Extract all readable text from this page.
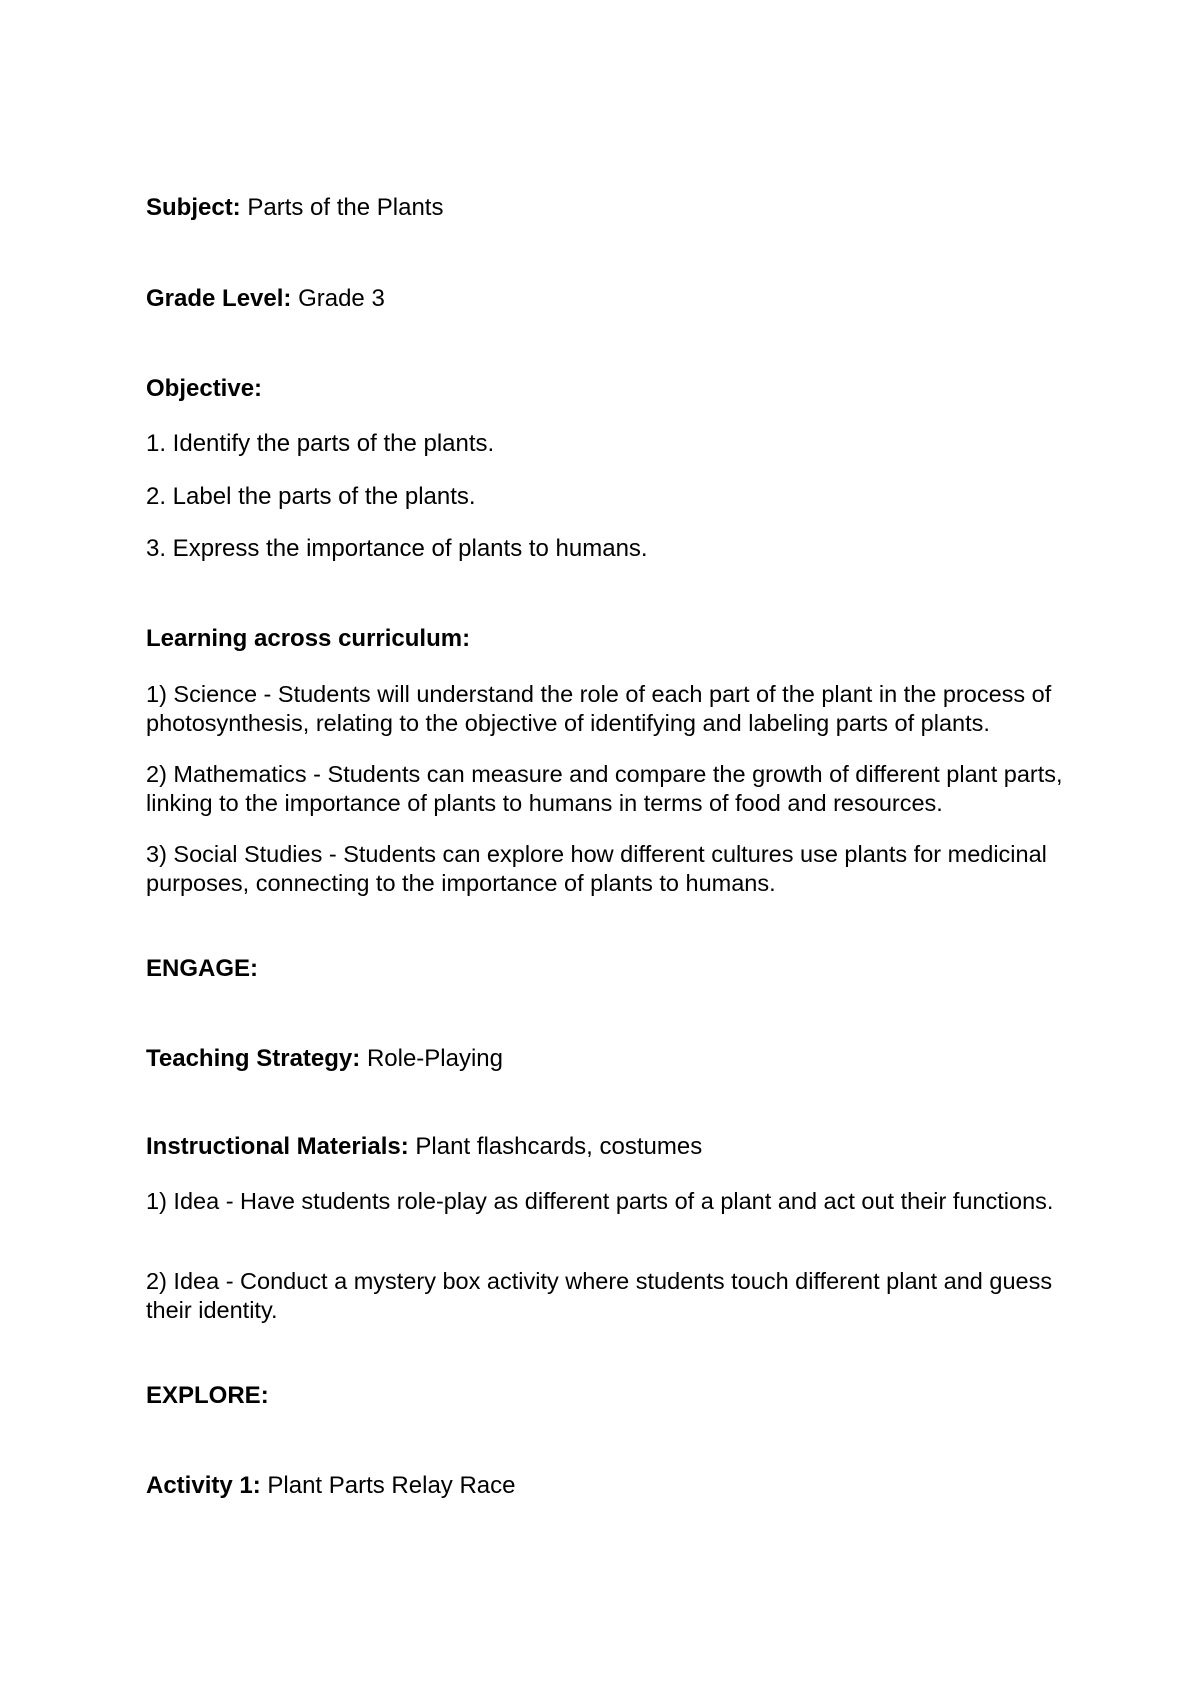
Subject: Parts of the Plants
Grade Level: Grade 3
Objective:
1. Identify the parts of the plants.
2. Label the parts of the plants.
3. Express the importance of plants to humans.
Learning across curriculum:
1) Science - Students will understand the role of each part of the plant in the process of photosynthesis, relating to the objective of identifying and labeling parts of plants.
2) Mathematics - Students can measure and compare the growth of different plant parts, linking to the importance of plants to humans in terms of food and resources.
3) Social Studies - Students can explore how different cultures use plants for medicinal purposes, connecting to the importance of plants to humans.
ENGAGE:
Teaching Strategy: Role-Playing
Instructional Materials: Plant flashcards, costumes
1) Idea - Have students role-play as different parts of a plant and act out their functions.
2) Idea - Conduct a mystery box activity where students touch different plant and guess their identity.
EXPLORE:
Activity 1: Plant Parts Relay Race
